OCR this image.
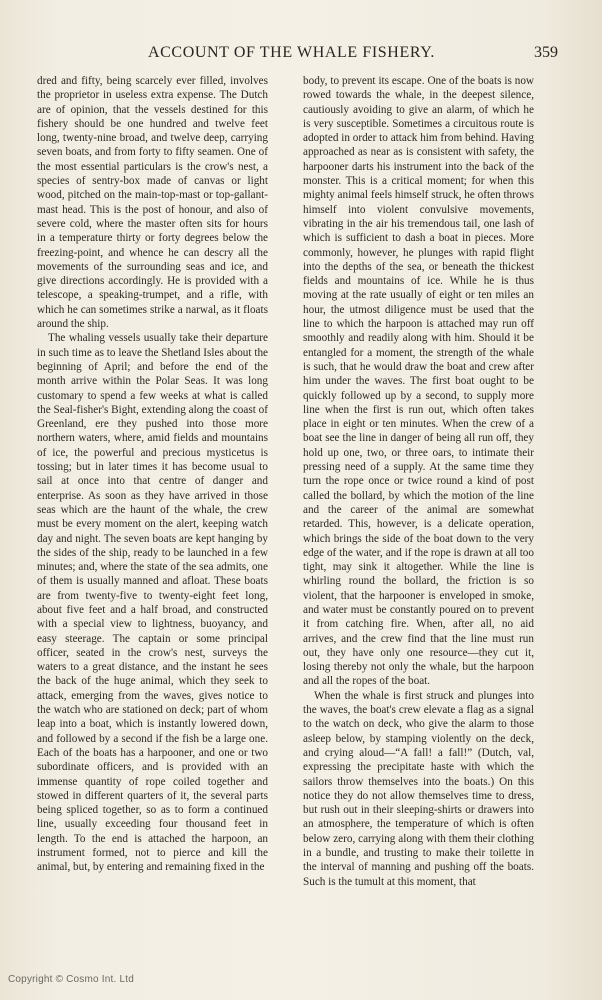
ACCOUNT OF THE WHALE FISHERY.	359

dred and fifty, being scarcely ever filled, involves the proprietor in useless extra expense. The Dutch are of opinion, that the vessels destined for this fishery should be one hundred and twelve feet long, twenty-nine broad, and twelve deep, carrying seven boats, and from forty to fifty seamen. One of the most essential particulars is the crow's nest, a species of sentry-box made of canvas or light wood, pitched on the main-top-mast or top-gallant-mast head. This is the post of honour, and also of severe cold, where the master often sits for hours in a temperature thirty or forty degrees below the freezing-point, and whence he can descry all the movements of the surrounding seas and ice, and give directions accordingly. He is provided with a telescope, a speaking-trumpet, and a rifle, with which he can sometimes strike a narwal, as it floats around the ship.

The whaling vessels usually take their departure in such time as to leave the Shetland Isles about the beginning of April; and before the end of the month arrive within the Polar Seas. It was long customary to spend a few weeks at what is called the Seal-fisher's Bight, extending along the coast of Greenland, ere they pushed into those more northern waters, where, amid fields and mountains of ice, the powerful and precious mysticetus is tossing; but in later times it has become usual to sail at once into that centre of danger and enterprise. As soon as they have arrived in those seas which are the haunt of the whale, the crew must be every moment on the alert, keeping watch day and night. The seven boats are kept hanging by the sides of the ship, ready to be launched in a few minutes; and, where the state of the sea admits, one of them is usually manned and afloat. These boats are from twenty-five to twenty-eight feet long, about five feet and a half broad, and constructed with a special view to lightness, buoyancy, and easy steerage. The captain or some principal officer, seated in the crow's nest, surveys the waters to a great distance, and the instant he sees the back of the huge animal, which they seek to attack, emerging from the waves, gives notice to the watch who are stationed on deck; part of whom leap into a boat, which is instantly lowered down, and followed by a second if the fish be a large one. Each of the boats has a harpooner, and one or two subordinate officers, and is provided with an immense quantity of rope coiled together and stowed in different quarters of it, the several parts being spliced together, so as to form a continued line, usually exceeding four thousand feet in length. To the end is attached the harpoon, an instrument formed, not to pierce and kill the animal, but, by entering and remaining fixed in the

body, to prevent its escape. One of the boats is now rowed towards the whale, in the deepest silence, cautiously avoiding to give an alarm, of which he is very susceptible. Sometimes a circuitous route is adopted in order to attack him from behind. Having approached as near as is consistent with safety, the harpooner darts his instrument into the back of the monster. This is a critical moment; for when this mighty animal feels himself struck, he often throws himself into violent convulsive movements, vibrating in the air his tremendous tail, one lash of which is sufficient to dash a boat in pieces. More commonly, however, he plunges with rapid flight into the depths of the sea, or beneath the thickest fields and mountains of ice. While he is thus moving at the rate usually of eight or ten miles an hour, the utmost diligence must be used that the line to which the harpoon is attached may run off smoothly and readily along with him. Should it be entangled for a moment, the strength of the whale is such, that he would draw the boat and crew after him under the waves. The first boat ought to be quickly followed up by a second, to supply more line when the first is run out, which often takes place in eight or ten minutes. When the crew of a boat see the line in danger of being all run off, they hold up one, two, or three oars, to intimate their pressing need of a supply. At the same time they turn the rope once or twice round a kind of post called the bollard, by which the motion of the line and the career of the animal are somewhat retarded. This, however, is a delicate operation, which brings the side of the boat down to the very edge of the water, and if the rope is drawn at all too tight, may sink it altogether. While the line is whirling round the bollard, the friction is so violent, that the harpooner is enveloped in smoke, and water must be constantly poured on to prevent it from catching fire. When, after all, no aid arrives, and the crew find that the line must run out, they have only one resource—they cut it, losing thereby not only the whale, but the harpoon and all the ropes of the boat.

When the whale is first struck and plunges into the waves, the boat's crew elevate a flag as a signal to the watch on deck, who give the alarm to those asleep below, by stamping violently on the deck, and crying aloud—“A fall! a fall!” (Dutch, val, expressing the precipitate haste with which the sailors throw themselves into the boats.) On this notice they do not allow themselves time to dress, but rush out in their sleeping-shirts or drawers into an atmosphere, the temperature of which is often below zero, carrying along with them their clothing in a bundle, and trusting to make their toilette in the interval of manning and pushing off the boats. Such is the tumult at this moment, that

Copyright © Cosmo Int. Ltd
